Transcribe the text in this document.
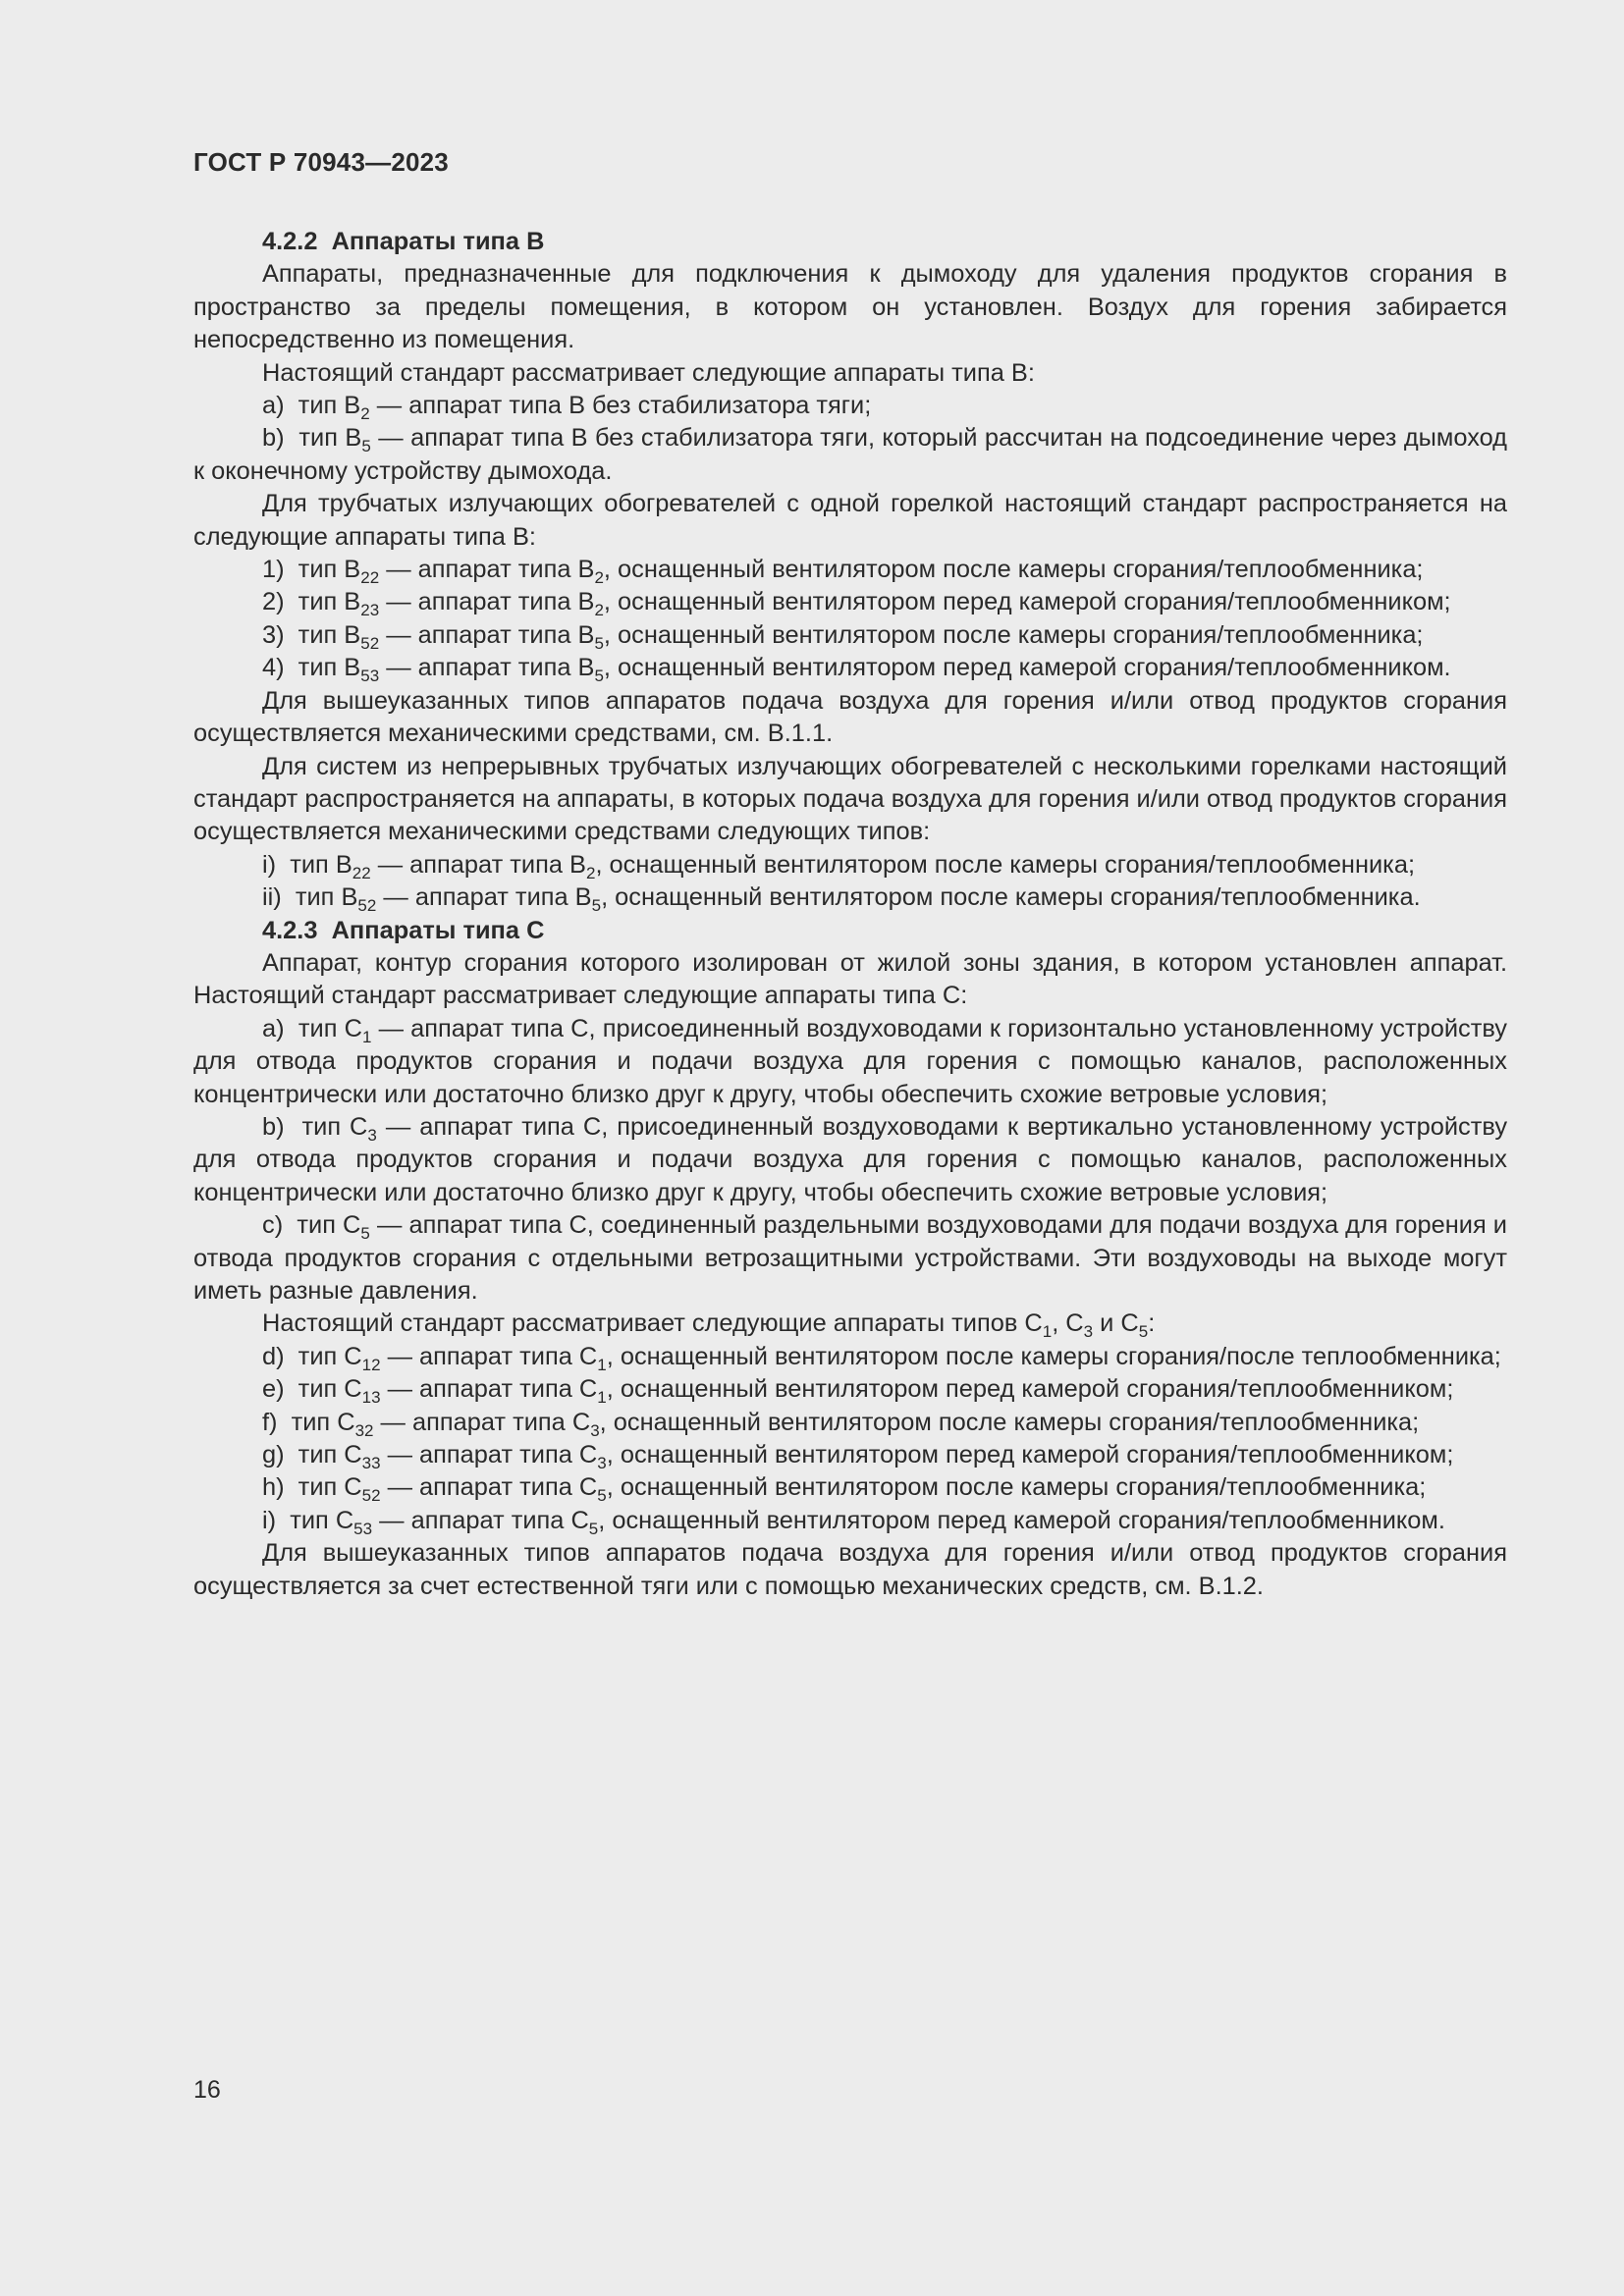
ГОСТ Р 70943—2023

4.2.2  Аппараты типа B

Аппараты, предназначенные для подключения к дымоходу для удаления продуктов сгорания в пространство за пределы помещения, в котором он установлен. Воздух для горения забирается непосредственно из помещения.

Настоящий стандарт рассматривает следующие аппараты типа В:

а)  тип $В_2$ — аппарат типа В без стабилизатора тяги;

b)  тип $В_5$ — аппарат типа В без стабилизатора тяги, который рассчитан на подсоединение через дымоход к оконечному устройству дымохода.

Для трубчатых излучающих обогревателей с одной горелкой настоящий стандарт распространяется на следующие аппараты типа В:

1)  тип $В_{22}$ — аппарат типа $В_2$, оснащенный вентилятором после камеры сгорания/теплообменника;

2)  тип $В_{23}$ — аппарат типа $В_2$, оснащенный вентилятором перед камерой сгорания/теплообменником;

3)  тип $В_{52}$ — аппарат типа $В_5$, оснащенный вентилятором после камеры сгорания/теплообменника;

4)  тип $В_{53}$ — аппарат типа $В_5$, оснащенный вентилятором перед камерой сгорания/теплообменником.

Для вышеуказанных типов аппаратов подача воздуха для горения и/или отвод продуктов сгорания осуществляется механическими средствами, см. В.1.1.

Для систем из непрерывных трубчатых излучающих обогревателей с несколькими горелками настоящий стандарт распространяется на аппараты, в которых подача воздуха для горения и/или отвод продуктов сгорания осуществляется механическими средствами следующих типов:

i)  тип $В_{22}$ — аппарат типа $В_2$, оснащенный вентилятором после камеры сгорания/теплообменника;

ii)  тип $В_{52}$ — аппарат типа $В_5$, оснащенный вентилятором после камеры сгорания/теплообменника.

4.2.3  Аппараты типа С

Аппарат, контур сгорания которого изолирован от жилой зоны здания, в котором установлен аппарат. Настоящий стандарт рассматривает следующие аппараты типа С:

а)  тип $С_1$ — аппарат типа С, присоединенный воздуховодами к горизонтально установленному устройству для отвода продуктов сгорания и подачи воздуха для горения с помощью каналов, расположенных концентрически или достаточно близко друг к другу, чтобы обеспечить схожие ветровые условия;

b)  тип $С_3$ — аппарат типа С, присоединенный воздуховодами к вертикально установленному устройству для отвода продуктов сгорания и подачи воздуха для горения с помощью каналов, расположенных концентрически или достаточно близко друг к другу, чтобы обеспечить схожие ветровые условия;

с)  тип $С_5$ — аппарат типа С, соединенный раздельными воздуховодами для подачи воздуха для горения и отвода продуктов сгорания с отдельными ветрозащитными устройствами. Эти воздуховоды на выходе могут иметь разные давления.

Настоящий стандарт рассматривает следующие аппараты типов $С_1$, $С_3$ и $С_5$:

d)  тип $С_{12}$ — аппарат типа $С_1$, оснащенный вентилятором после камеры сгорания/после теплообменника;

е)  тип $С_{13}$ — аппарат типа $С_1$, оснащенный вентилятором перед камерой сгорания/теплообменником;

f)  тип $С_{32}$ — аппарат типа $С_3$, оснащенный вентилятором после камеры сгорания/теплообменника;

g)  тип $С_{33}$ — аппарат типа $С_3$, оснащенный вентилятором перед камерой сгорания/теплообменником;

h)  тип $С_{52}$ — аппарат типа $С_5$, оснащенный вентилятором после камеры сгорания/теплообменника;

i)  тип $С_{53}$ — аппарат типа $С_5$, оснащенный вентилятором перед камерой сгорания/теплообменником.

Для вышеуказанных типов аппаратов подача воздуха для горения и/или отвод продуктов сгорания осуществляется за счет естественной тяги или с помощью механических средств, см. В.1.2.

16
